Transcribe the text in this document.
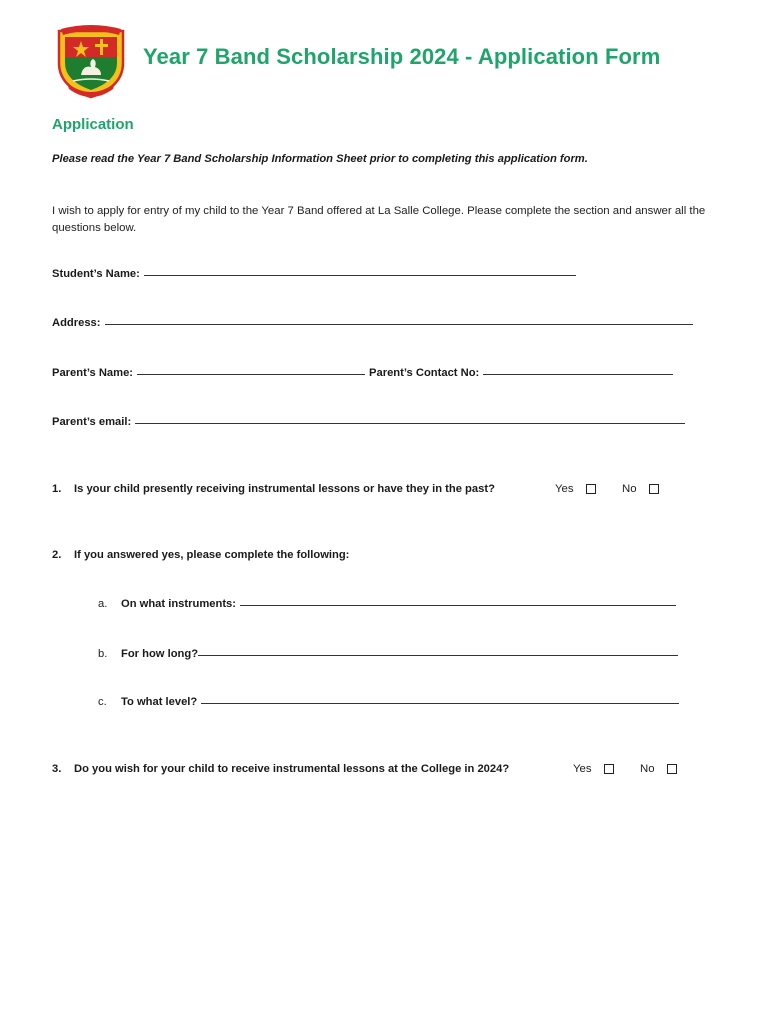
Year 7 Band Scholarship 2024 - Application Form
Application
Please read the Year 7 Band Scholarship Information Sheet prior to completing this application form.
I wish to apply for entry of my child to the Year 7 Band offered at La Salle College. Please complete the section and answer all the questions below.
Student’s Name:
Address:
Parent’s Name:	Parent’s Contact No:
Parent’s email:
1. Is your child presently receiving instrumental lessons or have they in the past?	Yes	No
2. If you answered yes, please complete the following:
a.	On what instruments:
b.	For how long?
c.	To what level?
3. Do you wish for your child to receive instrumental lessons at the College in 2024?	Yes	No
